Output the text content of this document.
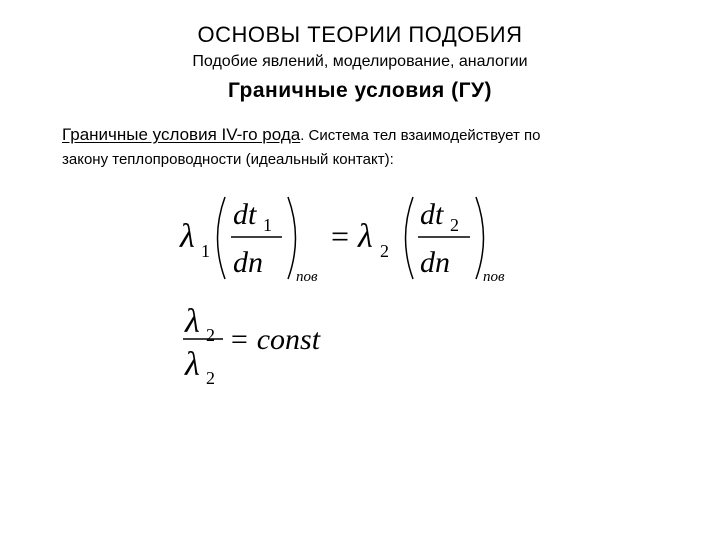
ОСНОВЫ ТЕОРИИ ПОДОБИЯ
Подобие явлений, моделирование, аналогии
Граничные условия (ГУ)
Граничные условия IV-го рода. Система тел взаимодействует по
закону теплопроводности (идеальный контакт):
λ 1
dt 1
dn пов
= λ 2
dt 2
dn пов
λ 2
λ 2
= const
